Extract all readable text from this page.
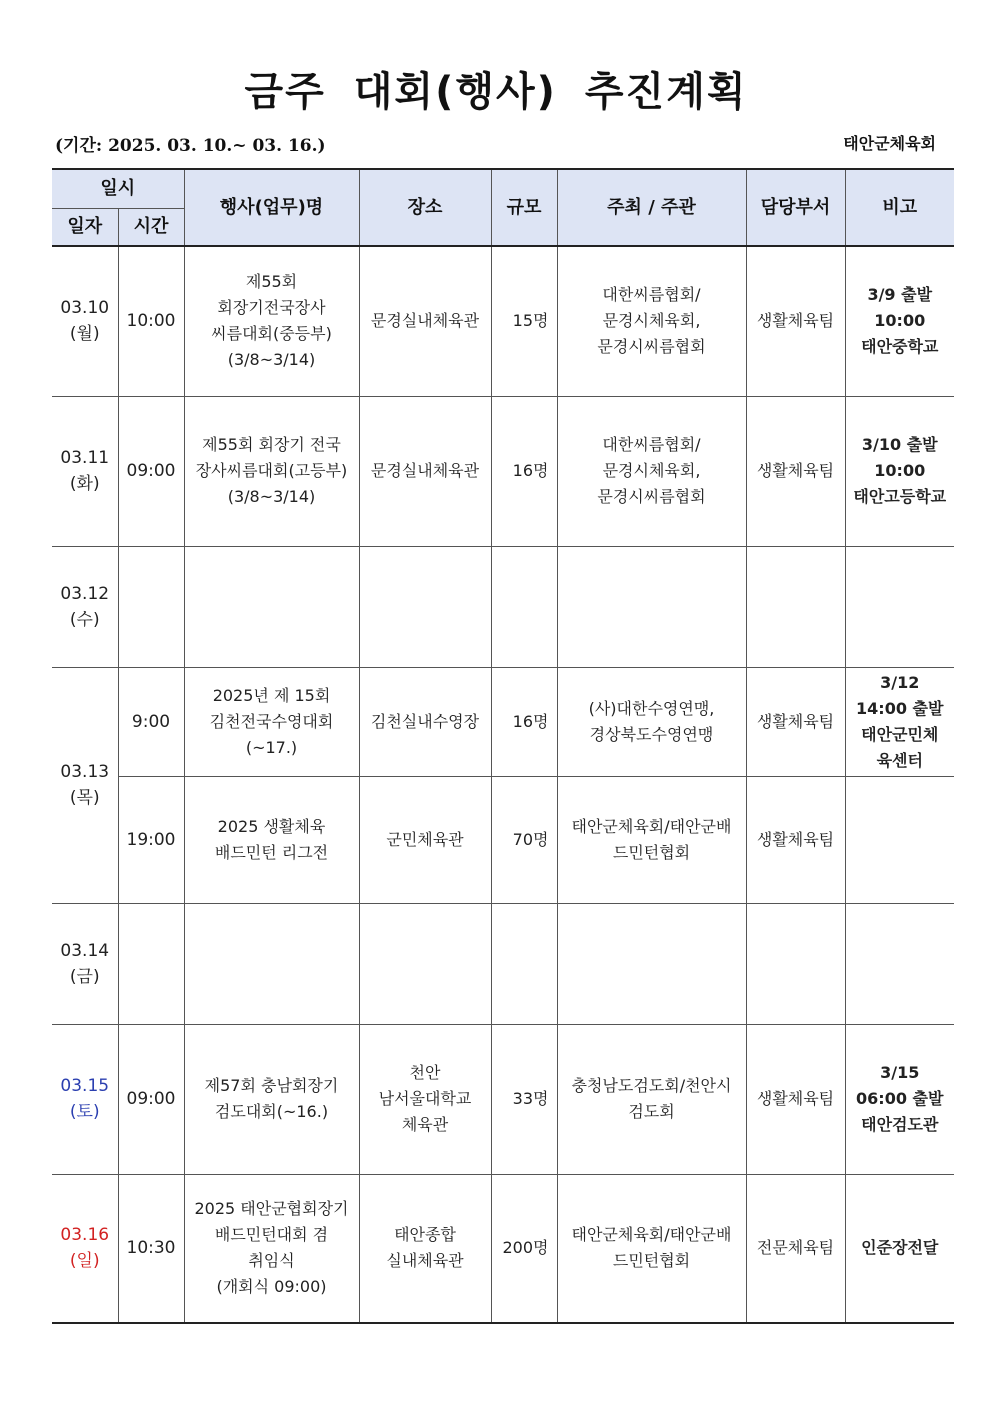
금주 대회(행사) 추진계획
(기간: 2025. 03. 10.~ 03. 16.)	태안군체육회
일시		행사(업무)명	장소	규모	주최 / 주관	담당부서	비고
일자	시간						

03.10
(월)	10:00	제55회
회장기전국장사
씨름대회(중등부)
(3/8~3/14)	문경실내체육관	15명	대한씨름협회/
문경시체육회,
문경시씨름협회	생활체육팀	3/9 출발
10:00
태안중학교

03.11
(화)	09:00	제55회 회장기 전국
장사씨름대회(고등부)
(3/8~3/14)	문경실내체육관	16명	대한씨름협회/
문경시체육회,
문경시씨름협회	생활체육팀	3/10 출발
10:00
태안고등학교

03.12
(수)							

03.13
(목)	9:00	2025년 제 15회
김천전국수영대회
(~17.)	김천실내수영장	16명	(사)대한수영연맹,
경상북도수영연맹	생활체육팀	3/12
14:00 출발
태안군민체
육센터

	19:00	2025 생활체육
배드민턴 리그전	군민체육관	70명	태안군체육회/태안군배
드민턴협회	생활체육팀	

03.14
(금)							

03.15
(토)	09:00	제57회 충남회장기
검도대회(~16.)	천안
남서울대학교
체육관	33명	충청남도검도회/천안시
검도회	생활체육팀	3/15
06:00 출발
태안검도관

03.16
(일)	10:30	2025 태안군협회장기
배드민턴대회 겸
취임식
(개회식 09:00)	태안종합
실내체육관	200명	태안군체육회/태안군배
드민턴협회	전문체육팀	인준장전달
